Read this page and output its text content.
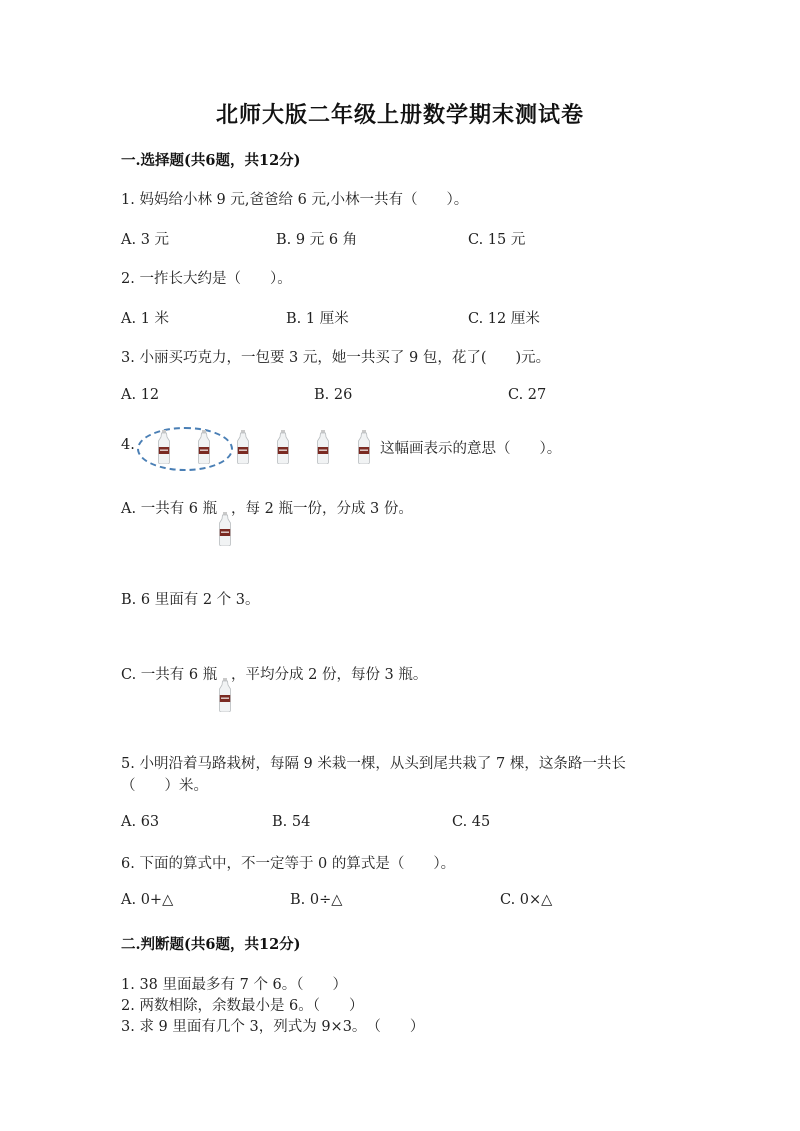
北师大版二年级上册数学期末测试卷
一.选择题(共6题，共12分)
1. 妈妈给小林 9 元,爸爸给 6 元,小林一共有（　　）。
A. 3 元	B. 9 元 6 角	C. 15 元
2. 一拃长大约是（　　）。
A. 1 米	B. 1 厘米	C. 12 厘米
3. 小丽买巧克力，一包要 3 元，她一共买了 9 包，花了(　　)元。
A. 12	B. 26	C. 27
4.	这幅画表示的意思（　　）。
A. 一共有 6 瓶 ，每 2 瓶一份，分成 3 份。
B. 6 里面有 2 个 3。
C. 一共有 6 瓶 ，平均分成 2 份，每份 3 瓶。
5. 小明沿着马路栽树，每隔 9 米栽一棵，从头到尾共栽了 7 棵，这条路一共长
（　　）米。
A. 63	B. 54	C. 45
6. 下面的算式中，不一定等于 0 的算式是（　　）。
A. 0+△	B. 0÷△	C. 0×△
二.判断题(共6题，共12分)
1. 38 里面最多有 7 个 6。（　　）
2. 两数相除，余数最小是 6。（　　）
3. 求 9 里面有几个 3，列式为 9×3。　（　　）
